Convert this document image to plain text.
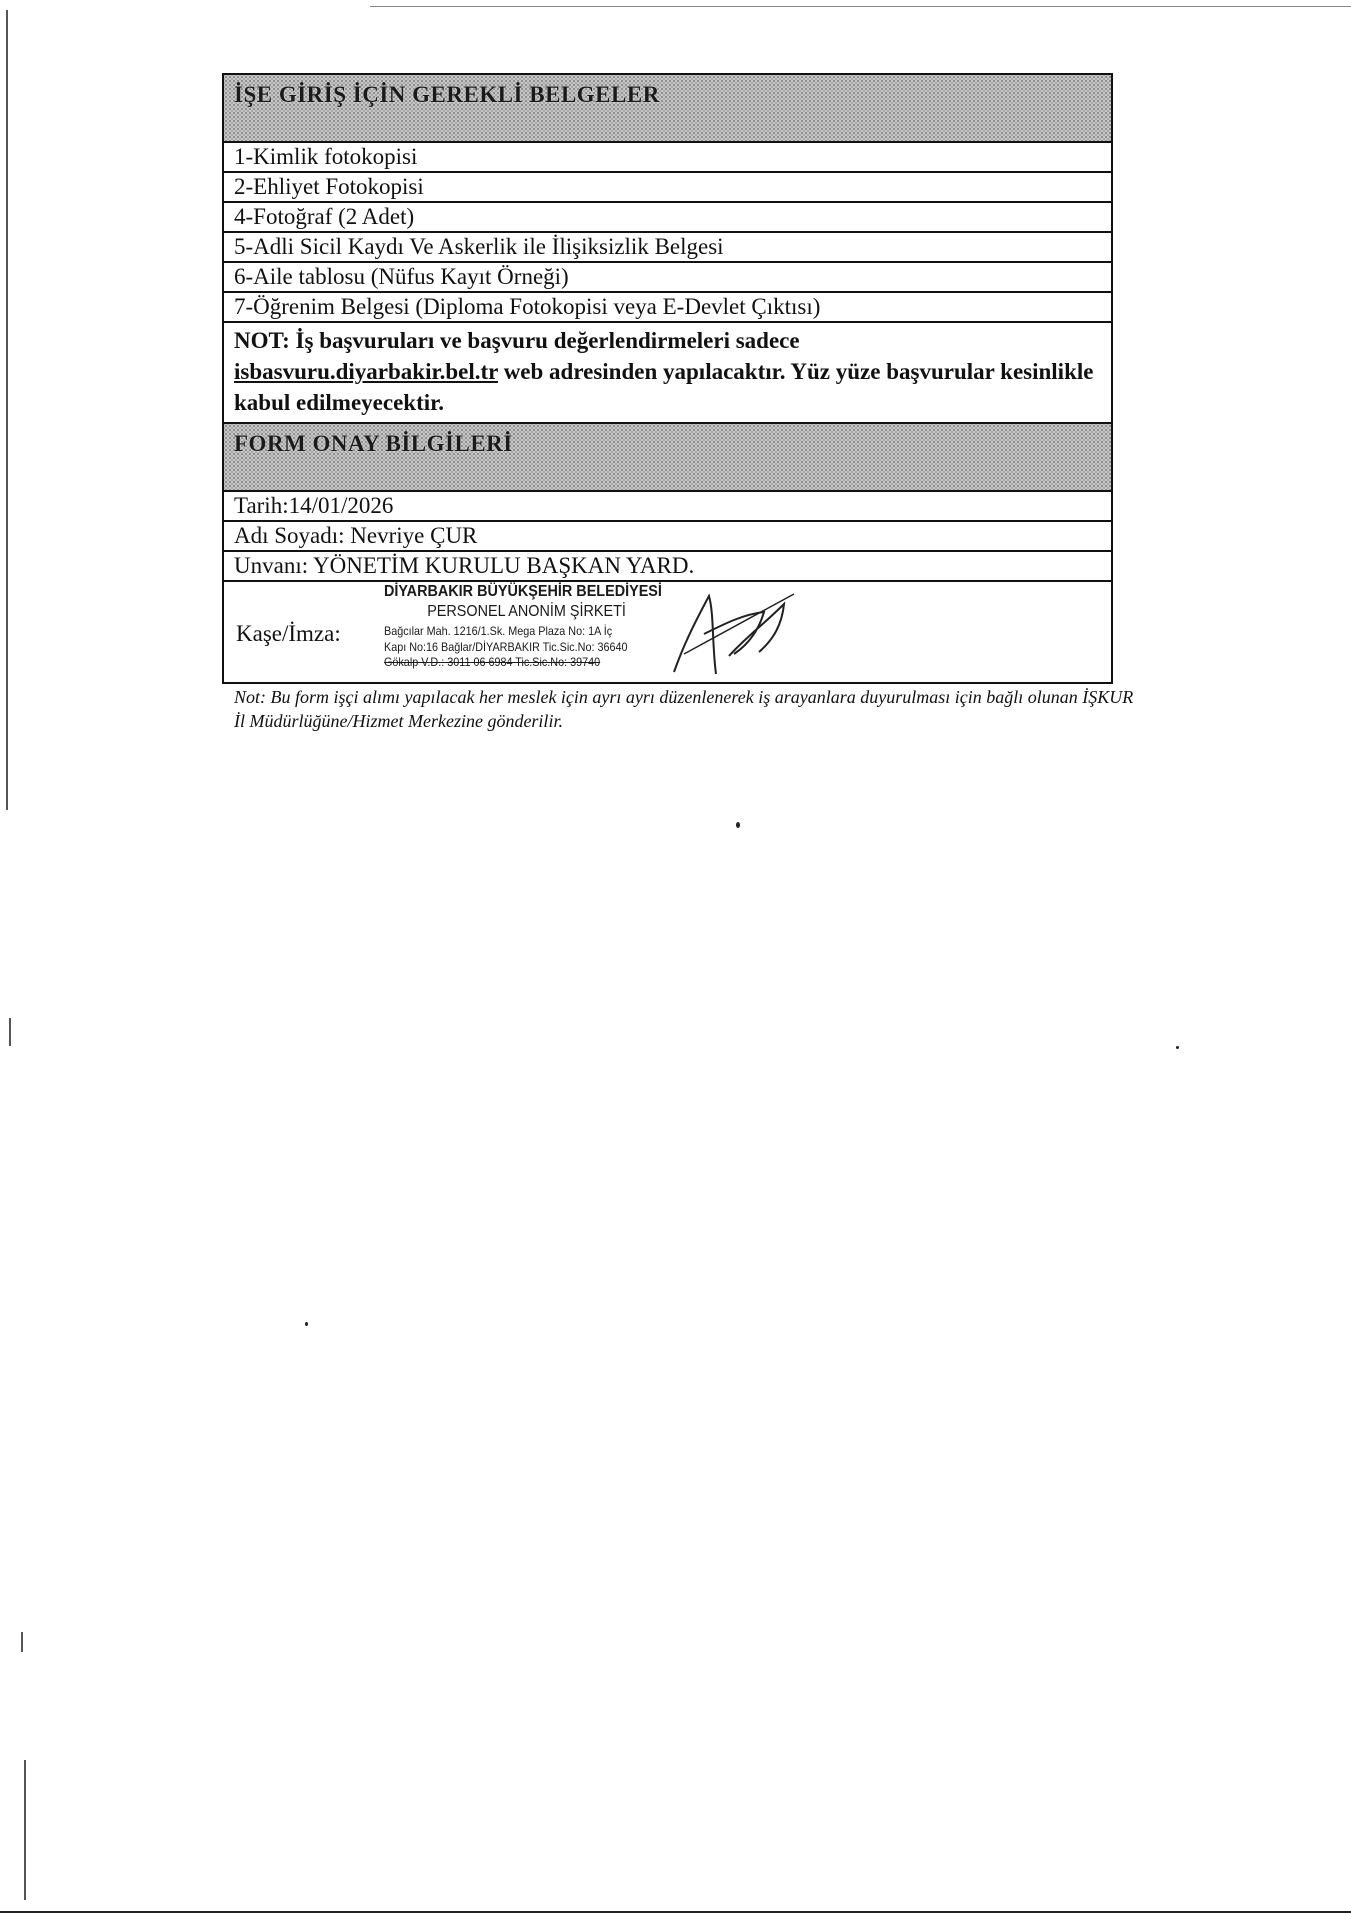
İŞE GİRİŞ İÇİN GEREKLİ BELGELER
1-Kimlik fotokopisi
2-Ehliyet Fotokopisi
4-Fotoğraf (2 Adet)
5-Adli Sicil Kaydı Ve Askerlik ile İlişiksizlik Belgesi
6-Aile tablosu (Nüfus Kayıt Örneği)
7-Öğrenim Belgesi (Diploma Fotokopisi veya E-Devlet Çıktısı)
NOT: İş başvuruları ve başvuru değerlendirmeleri sadece
isbasvuru.diyarbakir.bel.tr web adresinden yapılacaktır. Yüz yüze başvurular kesinlikle kabul edilmeyecektir.
FORM ONAY BİLGİLERİ
Tarih:14/01/2026
Adı Soyadı: Nevriye ÇUR
Unvanı: YÖNETİM KURULU BAŞKAN YARD.

Kaşe/İmza:
DİYARBAKIR BÜYÜKŞEHİR BELEDİYESİ
PERSONEL ANONİM ŞİRKETİ
Bağcılar Mah. 1216/1.Sk. Mega Plaza No: 1A İç
Kapı No:16 Bağlar/DİYARBAKIR Tic.Sic.No: 36640
Gökalp V.D.: 3011 06 6984 Tic.Sic.No: 39740
Not: Bu form işçi alımı yapılacak her meslek için ayrı ayrı düzenlenerek iş arayanlara duyurulması için bağlı olunan İŞKUR İl Müdürlüğüne/Hizmet Merkezine gönderilir.
